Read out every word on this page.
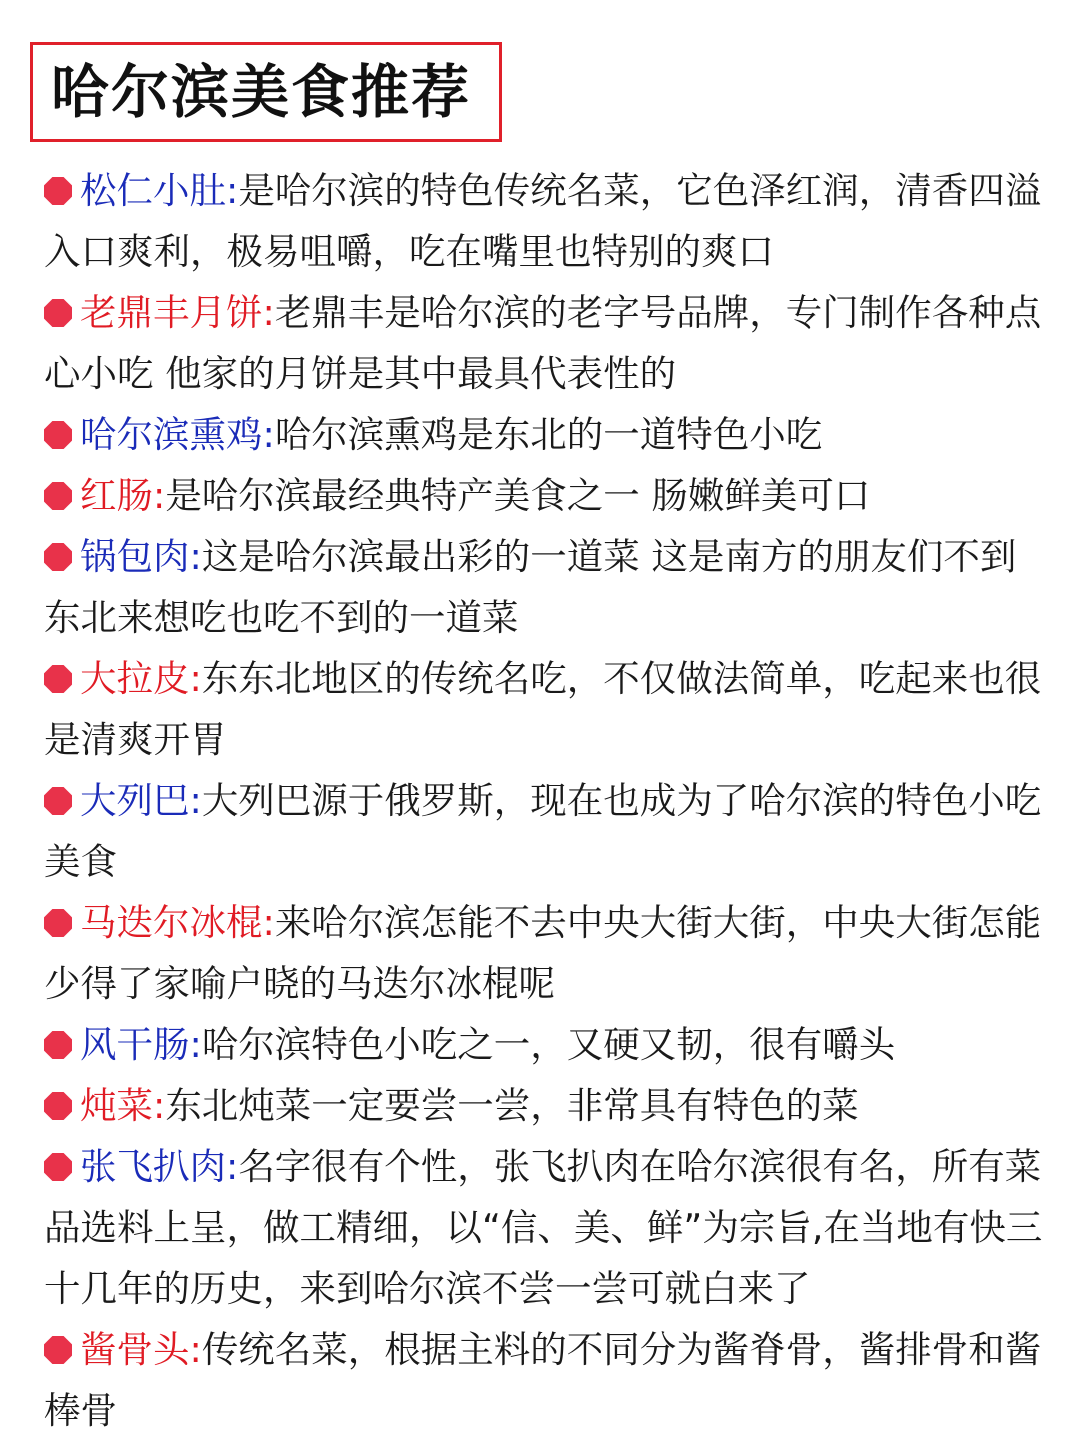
哈尔滨美食推荐

松仁小肚:是哈尔滨的特色传统名菜，它色泽红润，清香四溢入口爽利，极易咀嚼，吃在嘴里也特别的爽口

老鼎丰月饼:老鼎丰是哈尔滨的老字号品牌，专门制作各种点心小吃 他家的月饼是其中最具代表性的

哈尔滨熏鸡:哈尔滨熏鸡是东北的一道特色小吃

红肠:是哈尔滨最经典特产美食之一 肠嫩鲜美可口

锅包肉:这是哈尔滨最出彩的一道菜 这是南方的朋友们不到东北来想吃也吃不到的一道菜

大拉皮:东东北地区的传统名吃，不仅做法简单，吃起来也很是清爽开胃

大列巴:大列巴源于俄罗斯，现在也成为了哈尔滨的特色小吃美食

马迭尔冰棍:来哈尔滨怎能不去中央大街大街，中央大街怎能少得了家喻户晓的马迭尔冰棍呢

风干肠:哈尔滨特色小吃之一，又硬又韧，很有嚼头

炖菜:东北炖菜一定要尝一尝，非常具有特色的菜

张飞扒肉:名字很有个性，张飞扒肉在哈尔滨很有名，所有菜品选料上呈，做工精细，以“信、美、鲜”为宗旨,在当地有快三十几年的历史，来到哈尔滨不尝一尝可就白来了

酱骨头:传统名菜，根据主料的不同分为酱脊骨，酱排骨和酱棒骨
